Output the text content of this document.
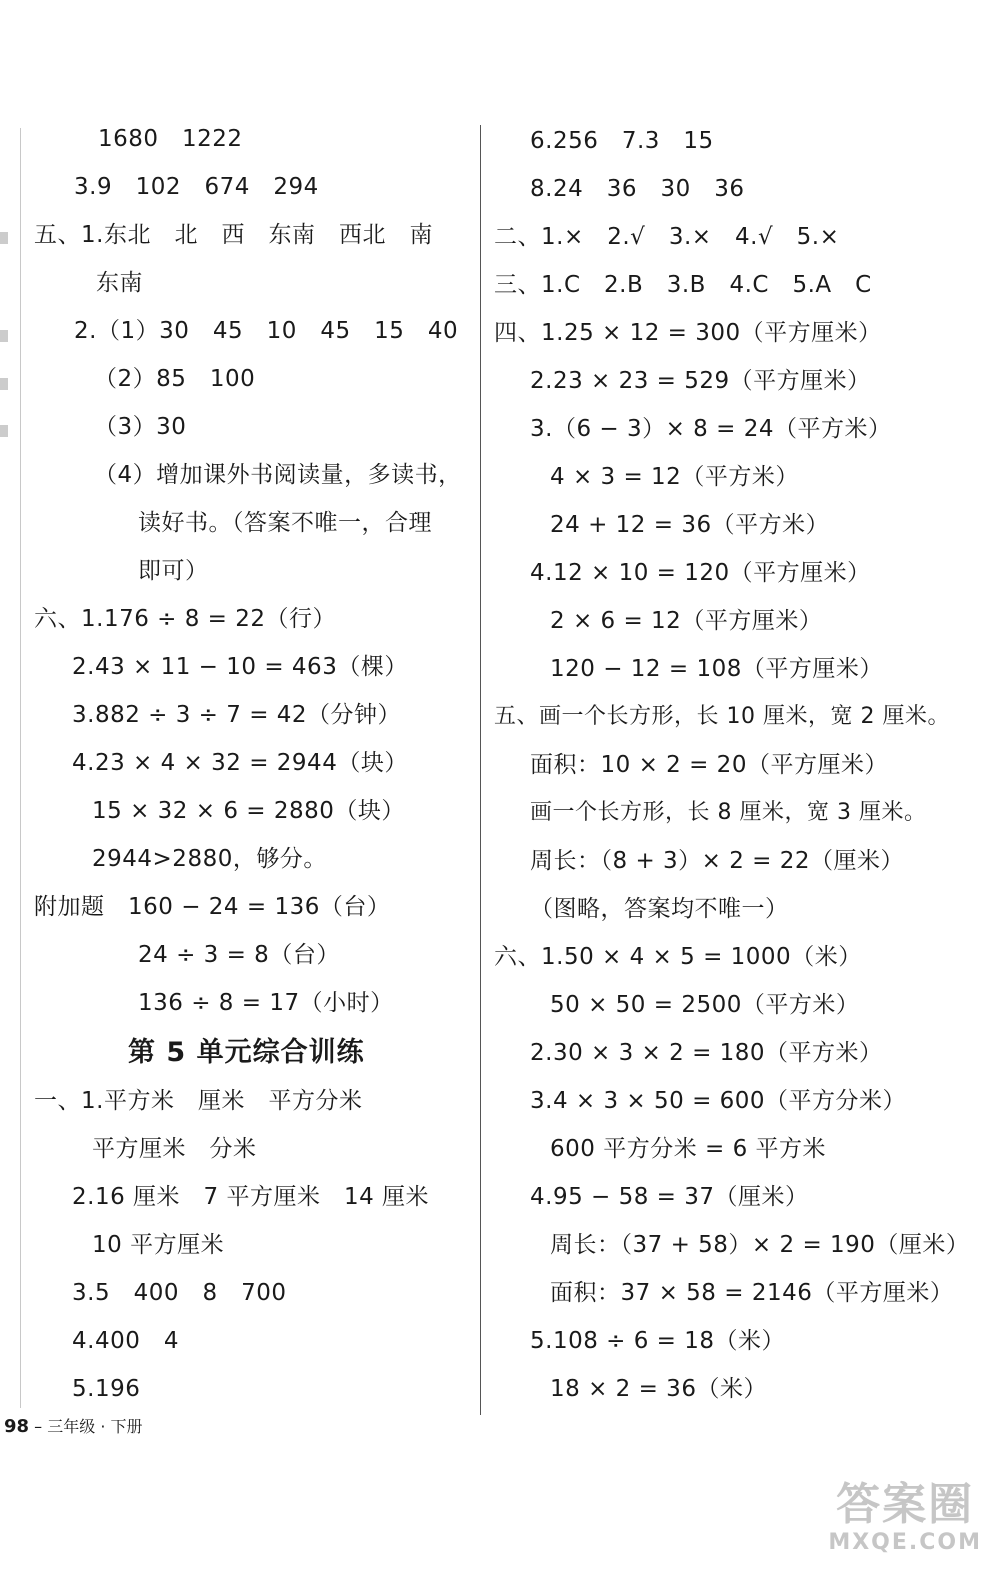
1680　1222
3.9　102　674　294
五、1.东北　北　西　东南　西北　南
东南
2.（1）30　45　10　45　15　40
（2）85　100
（3）30
（4）增加课外书阅读量，多读书，
读好书。（答案不唯一，合理
即可）
六、1.176 ÷ 8 = 22（行）
2.43 × 11 − 10 = 463（棵）
3.882 ÷ 3 ÷ 7 = 42（分钟）
4.23 × 4 × 32 = 2944（块）
15 × 32 × 6 = 2880（块）
2944>2880，够分。
附加题　160 − 24 = 136（台）
24 ÷ 3 = 8（台）
136 ÷ 8 = 17（小时）
第 5 单元综合训练
一、1.平方米　厘米　平方分米
平方厘米　分米
2.16 厘米　7 平方厘米　14 厘米
10 平方厘米
3.5　400　8　700
4.400　4
5.196
6.256　7.3　15
8.24　36　30　36
二、1.×　2.√　3.×　4.√　5.×
三、1.C　2.B　3.B　4.C　5.A　C
四、1.25 × 12 = 300（平方厘米）
2.23 × 23 = 529（平方厘米）
3.（6 − 3）× 8 = 24（平方米）
4 × 3 = 12（平方米）
24 + 12 = 36（平方米）
4.12 × 10 = 120（平方厘米）
2 × 6 = 12（平方厘米）
120 − 12 = 108（平方厘米）
五、画一个长方形，长 10 厘米，宽 2 厘米。
面积：10 × 2 = 20（平方厘米）
画一个长方形，长 8 厘米，宽 3 厘米。
周长：（8 + 3）× 2 = 22（厘米）
（图略，答案均不唯一）
六、1.50 × 4 × 5 = 1000（米）
50 × 50 = 2500（平方米）
2.30 × 3 × 2 = 180（平方米）
3.4 × 3 × 50 = 600（平方分米）
600 平方分米 = 6 平方米
4.95 − 58 = 37（厘米）
周长：（37 + 58）× 2 = 190（厘米）
面积：37 × 58 = 2146（平方厘米）
5.108 ÷ 6 = 18（米）
18 × 2 = 36（米）
98 – 三年级 · 下册
答案圈
MXQE.COM
